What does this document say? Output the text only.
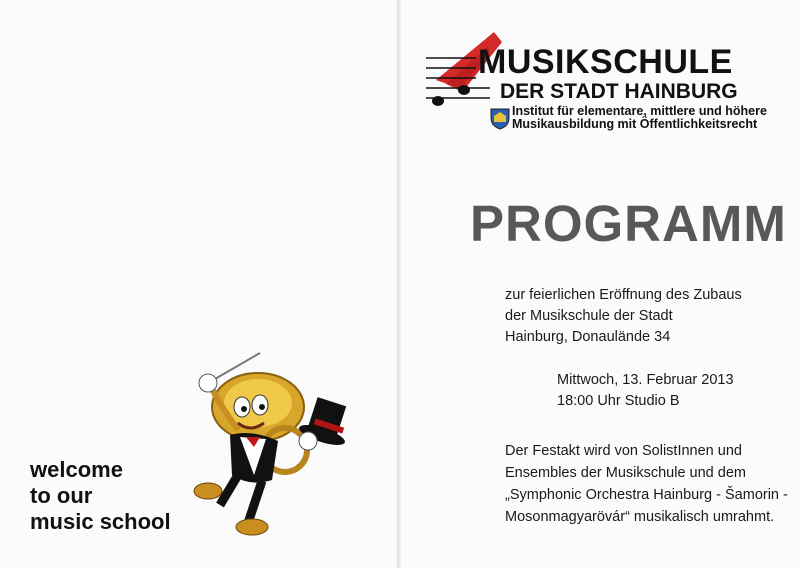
welcome
to our
music school

MUSIKSCHULE
DER STADT HAINBURG

Institut für elementare, mittlere und höhere

Musikausbildung mit Öffentlichkeitsrecht

PROGRAMM

zur feierlichen Eröffnung des Zubaus
der Musikschule der Stadt
Hainburg, Donaulände 34

Mittwoch, 13. Februar 2013
18:00 Uhr Studio B

Der Festakt wird von SolistInnen und
Ensembles der Musikschule und dem
„Symphonic Orchestra Hainburg - Šamorin -
Mosonmagyarövár“ musikalisch umrahmt.
